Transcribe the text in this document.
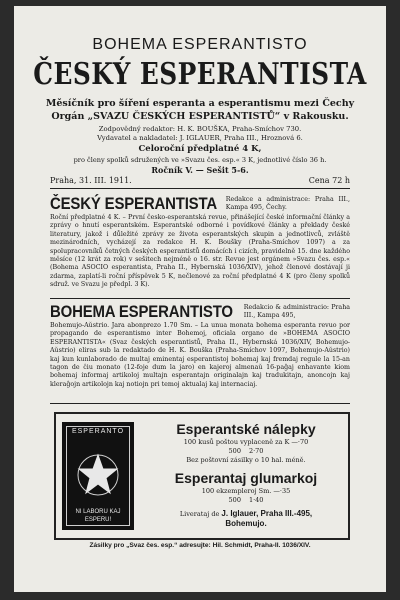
BOHEMA ESPERANTISTO
ČESKÝ ESPERANTISTA
Měsíčník pro šíření esperanta a esperantismu mezi Čechy
Orgán „SVAZU ČESKÝCH ESPERANTISTŮ“ v Rakousku.
Zodpovědný redaktor: H. K. BOUŠKA, Praha-Smíchov 730.
Vydavatel a nakladatel: J. IGLAUER, Praha III., Hroznová 6.
Celoroční předplatné 4 K,
pro členy spolků sdružených ve »Svazu čes. esp.« 3 K, jednotlivé číslo 36 h.
Ročník V. — Sešit 5-6.
Praha, 31. III. 1911.	Cena 72 h
ČESKÝ ESPERANTISTA Redakce a administrace: Praha III., Kampa 495, Čechy.
Roční předplatné 4 K. – První česko-esperantská revue, přinášející české informační články a zprávy o hnutí esperantském. Esperantské odborné i povídkové články a překlady české literatury, jakož i důležité zprávy ze života esperantských skupin a jednotlivců, zvláště mezinárodních, vycházejí za redakce H. K. Boušky (Praha-Smíchov 1097) a za spolupracovníků četných českých esperantistů domácích i cizích, pravidelně 15. dne každého měsíce (12 krát za rok) v sešitech nejméně o 16. str. Revue jest orgánem »Svazu čes. esp.« (Bohema ASOCIO esperantista, Praha II., Hybernská 1036/XIV), jehož členové dostávají ji zdarma, zaplatí-li roční příspěvek 5 K, nečlenové za roční předplatné 4 K (pro členy spolků sdruž. ve Svazu je předpl. 3 K).
BOHEMA ESPERANTISTO Redakcio & administracio: Praha III., Kampa 495,
Bohemujo-Aŭstrio. Jara abonprezo 1.70 Sm. – La unua monata bohema esperanta revuo por propagando de esperantismo inter Bohemoj, oficiala organo de »BOHEMA ASOCIO ESPERANTISTA« (Svaz českých esperantistů, Praha II., Hybernská 1036/XIV, Bohemujo-Aŭstrio) eliras sub la redaktado de H. K. Bouška (Praha-Smíchov 1097, Bohemujo-Aŭstrio) kaj kun kunlaborado de multaj eminentaj esperantistoj bohemaj kaj fremdaj regule la 15-an tagon de ĉiu monato (12-foje dum la jaro) en kajeroj almenaŭ 16-paĝaj enhavante kiom bohemaj informaj artikoloj multajn esperantajn originalajn kaj tradukitajn, anoncojn kaj kleraĝojn artikolojn kaj notiojn pri temoj aktualaj kaj internaciaj.
ESPERANTO
NI LABORU KAJ ESPERU!
Esperantské nálepky
100 kusů poštou vyplaceně za K —·70
500 2·70
Bez poštovní zásilky o 10 hal. méně.
Esperantaj glumarkoj
100 ekzempleroj Sm. —·35
500 1·40
Liverataj de J. Iglauer, Praha III.-495,
Bohemujo.
Zásilky pro „Svaz čes. esp.“ adresujte: Hil. Schmidt, Praha-II. 1036/XIV.
